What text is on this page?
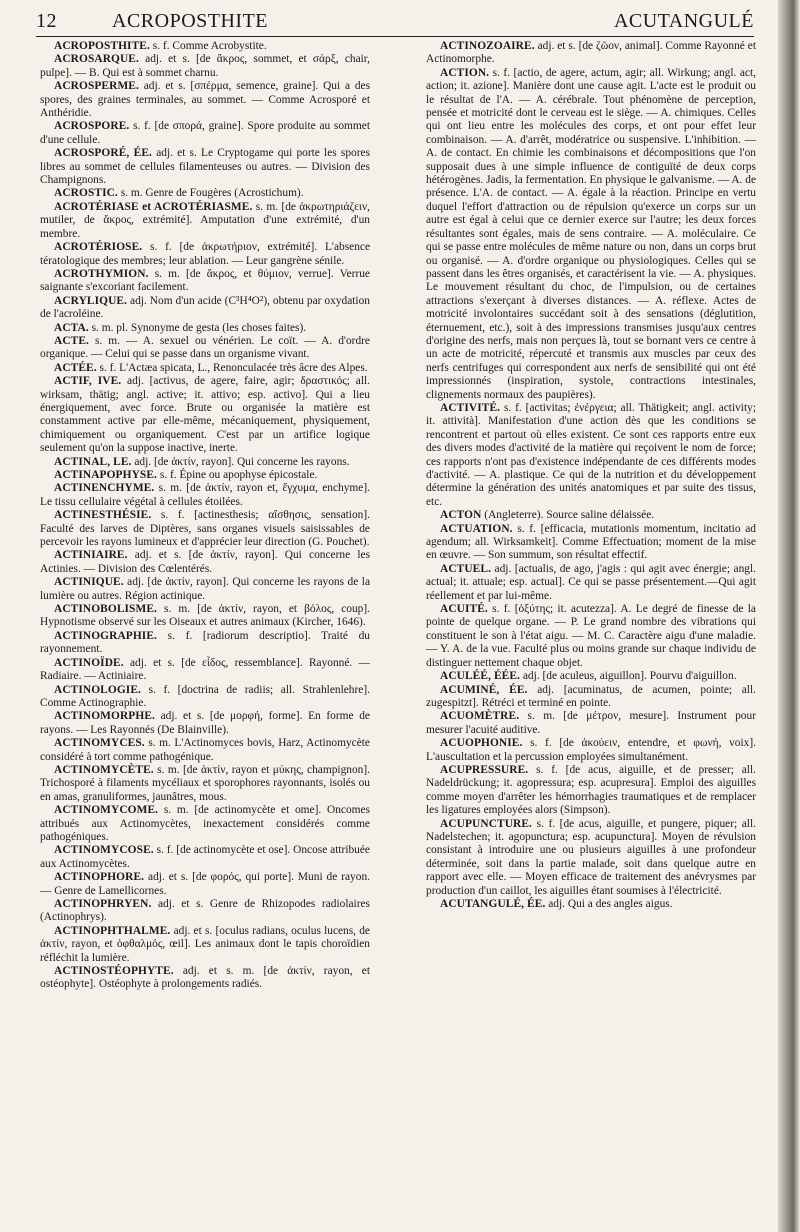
12	ACROPOSTHITE	ACUTANGULÉ

ACROPOSTHITE. s. f. Comme Acrobystite.

ACROSARQUE. adj. et s. [de ἄκρος, sommet, et σάρξ, chair, pulpe]. — B. Qui est à sommet charnu.

ACROSPERME. adj. et s. [σπέρμα, semence, graine]. Qui a des spores, des graines terminales, au sommet. — Comme Acrosporé et Anthéridie.

ACROSPORE. s. f. [de σπορά, graine]. Spore produite au sommet d'une cellule.

ACROSPORÉ, ÉE. adj. et s. Le Cryptogame qui porte les spores libres au sommet de cellules filamenteuses ou autres. — Division des Champignons.

ACROSTIC. s. m. Genre de Fougères (Acrostichum).

ACROTÉRIASE et ACROTÉRIASME. s. m. [de ἀκρωτηριάζειν, mutiler, de ἄκρος, extrémité]. Amputation d'une extrémité, d'un membre.

ACROTÉRIOSE. s. f. [de ἀκρωτήριον, extrémité]. L'absence tératologique des membres; leur ablation. — Leur gangrène sénile.

ACROTHYMION. s. m. [de ἄκρος, et θύμιον, verrue]. Verrue saignante s'excoriant facilement.

ACRYLIQUE. adj. Nom d'un acide (C³H⁴O²), obtenu par oxydation de l'acroléine.

ACTA. s. m. pl. Synonyme de gesta (les choses faites).

ACTE. s. m. — A. sexuel ou vénérien. Le coït. — A. d'ordre organique. — Celui qui se passe dans un organisme vivant.

ACTÉE. s. f. L'Actæa spicata, L., Renonculacée très âcre des Alpes.

ACTIF, IVE. adj. [activus, de agere, faire, agir; δραστικός; all. wirksam, thätig; angl. active; it. attivo; esp. activo]. Qui a lieu énergiquement, avec force. Brute ou organisée la matière est constamment active par elle-même, mécaniquement, physiquement, chimiquement ou organiquement. C'est par un artifice logique seulement qu'on la suppose inactive, inerte.

ACTINAL, LE. adj. [de ἀκτίν, rayon]. Qui concerne les rayons.

ACTINAPOPHYSE. s. f. Épine ou apophyse épicostale.

ACTINENCHYME. s. m. [de ἀκτίν, rayon et, ἔγχυμα, enchyme]. Le tissu cellulaire végétal à cellules étoilées.

ACTINESTHÉSIE. s. f. [actinesthesis; αἴσθησις, sensation]. Faculté des larves de Diptères, sans organes visuels saisissables de percevoir les rayons lumineux et d'apprécier leur direction (G. Pouchet).

ACTINIAIRE. adj. et s. [de ἀκτίν, rayon]. Qui concerne les Actinies. — Division des Cœlentérés.

ACTINIQUE. adj. [de ἀκτίν, rayon]. Qui concerne les rayons de la lumière ou autres. Région actinique.

ACTINOBOLISME. s. m. [de ἀκτίν, rayon, et βόλος, coup]. Hypnotisme observé sur les Oiseaux et autres animaux (Kircher, 1646).

ACTINOGRAPHIE. s. f. [radiorum descriptio]. Traité du rayonnement.

ACTINOÏDE. adj. et s. [de εἶδος, ressemblance]. Rayonné. — Radiaire. — Actiniaire.

ACTINOLOGIE. s. f. [doctrina de radiis; all. Strahlenlehre]. Comme Actinographie.

ACTINOMORPHE. adj. et s. [de μορφή, forme]. En forme de rayons. — Les Rayonnés (De Blainville).

ACTINOMYCES. s. m. L'Actinomyces bovis, Harz, Actinomycète considéré à tort comme pathogénique.

ACTINOMYCÈTE. s. m. [de ἀκτίν, rayon et μύκης, champignon]. Trichosporé à filaments mycéliaux et sporophores rayonnants, isolés ou en amas, granuliformes, jaunâtres, mous.

ACTINOMYCOME. s. m. [de actinomycète et ome]. Oncomes attribués aux Actinomycètes, inexactement considérés comme pathogéniques.

ACTINOMYCOSE. s. f. [de actinomycète et ose]. Oncose attribuée aux Actinomycètes.

ACTINOPHORE. adj. et s. [de φορός, qui porte]. Muni de rayon. — Genre de Lamellicornes.

ACTINOPHRYEN. adj. et s. Genre de Rhizopodes radiolaires (Actinophrys).

ACTINOPHTHALME. adj. et s. [oculus radians, oculus lucens, de ἀκτίν, rayon, et ὀφθαλμός, œil]. Les animaux dont le tapis choroïdien réfléchit la lumière.

ACTINOSTÉOPHYTE. adj. et s. m. [de ἀκτίν, rayon, et ostéophyte]. Ostéophyte à prolongements radiés.

ACTINOZOAIRE. adj. et s. [de ζῶον, animal]. Comme Rayonné et Actinomorphe.

ACTION. s. f. [actio, de agere, actum, agir; all. Wirkung; angl. act, action; it. azione]. Manière dont une cause agit. L'acte est le produit ou le résultat de l'A. — A. cérébrale. Tout phénomène de perception, pensée et motricité dont le cerveau est le siège. — A. chimiques. Celles qui ont lieu entre les molécules des corps, et ont pour effet leur combinaison. — A. d'arrêt, modératrice ou suspensive. L'inhibition. — A. de contact. En chimie les combinaisons et décompositions que l'on supposait dues à une simple influence de contiguïté de deux corps hétérogènes. Jadis, la fermentation. En physique le galvanisme. — A. de présence. L'A. de contact. — A. égale à la réaction. Principe en vertu duquel l'effort d'attraction ou de répulsion qu'exerce un corps sur un autre est égal à celui que ce dernier exerce sur l'autre; les deux forces résultantes sont égales, mais de sens contraire. — A. moléculaire. Ce qui se passe entre molécules de même nature ou non, dans un corps brut ou organisé. — A. d'ordre organique ou physiologiques. Celles qui se passent dans les êtres organisés, et caractérisent la vie. — A. physiques. Le mouvement résultant du choc, de l'impulsion, ou de certaines attractions s'exerçant à diverses distances. — A. réflexe. Actes de motricité involontaires succédant soit à des sensations (déglutition, éternuement, etc.), soit à des impressions transmises jusqu'aux centres d'origine des nerfs, mais non perçues là, tout se bornant vers ce centre à un acte de motricité, répercuté et transmis aux muscles par ceux des nerfs centrifuges qui correspondent aux nerfs de sensibilité qui ont été impressionnés (inspiration, systole, contractions intestinales, clignements normaux des paupières).

ACTIVITÉ. s. f. [activitas; ἐνέργεια; all. Thätigkeit; angl. activity; it. attività]. Manifestation d'une action dès que les conditions se rencontrent et partout où elles existent. Ce sont ces rapports entre eux des divers modes d'activité de la matière qui reçoivent le nom de force; ces rapports n'ont pas d'existence indépendante de ces différents modes d'activité. — A. plastique. Ce qui de la nutrition et du développement détermine la génération des unités anatomiques et par suite des tissus, etc.

ACTON (Angleterre). Source saline délaissée.

ACTUATION. s. f. [efficacia, mutationis momentum, incitatio ad agendum; all. Wirksamkeit]. Comme Effectuation; moment de la mise en œuvre. — Son summum, son résultat effectif.

ACTUEL. adj. [actualis, de ago, j'agis : qui agit avec énergie; angl. actual; it. attuale; esp. actual]. Ce qui se passe présentement.—Qui agit réellement et par lui-même.

ACUITÉ. s. f. [ὀξύτης; it. acutezza]. A. Le degré de finesse de la pointe de quelque organe. — P. Le grand nombre des vibrations qui constituent le son à l'état aigu. — M. C. Caractère aigu d'une maladie. — Y. A. de la vue. Faculté plus ou moins grande sur chaque individu de distinguer nettement chaque objet.

ACULÉÉ, ÉÉE. adj. [de aculeus, aiguillon]. Pourvu d'aiguillon.

ACUMINÉ, ÉE. adj. [acuminatus, de acumen, pointe; all. zugespitzt]. Rétréci et terminé en pointe.

ACUOMÈTRE. s. m. [de μέτρον, mesure]. Instrument pour mesurer l'acuité auditive.

ACUOPHONIE. s. f. [de ἀκούειν, entendre, et φωνή, voix]. L'auscultation et la percussion employées simultanément.

ACUPRESSURE. s. f. [de acus, aiguille, et de presser; all. Nadeldrückung; it. agopressura; esp. acupresura]. Emploi des aiguilles comme moyen d'arrêter les hémorrhagies traumatiques et de remplacer les ligatures employées alors (Simpson).

ACUPUNCTURE. s. f. [de acus, aiguille, et pungere, piquer; all. Nadelstechen; it. agopunctura; esp. acupunctura]. Moyen de révulsion consistant à introduire une ou plusieurs aiguilles à une profondeur déterminée, soit dans la partie malade, soit dans quelque autre en rapport avec elle. — Moyen efficace de traitement des anévrysmes par production d'un caillot, les aiguilles étant soumises à l'électricité.

ACUTANGULÉ, ÉE. adj. Qui a des angles aigus.
